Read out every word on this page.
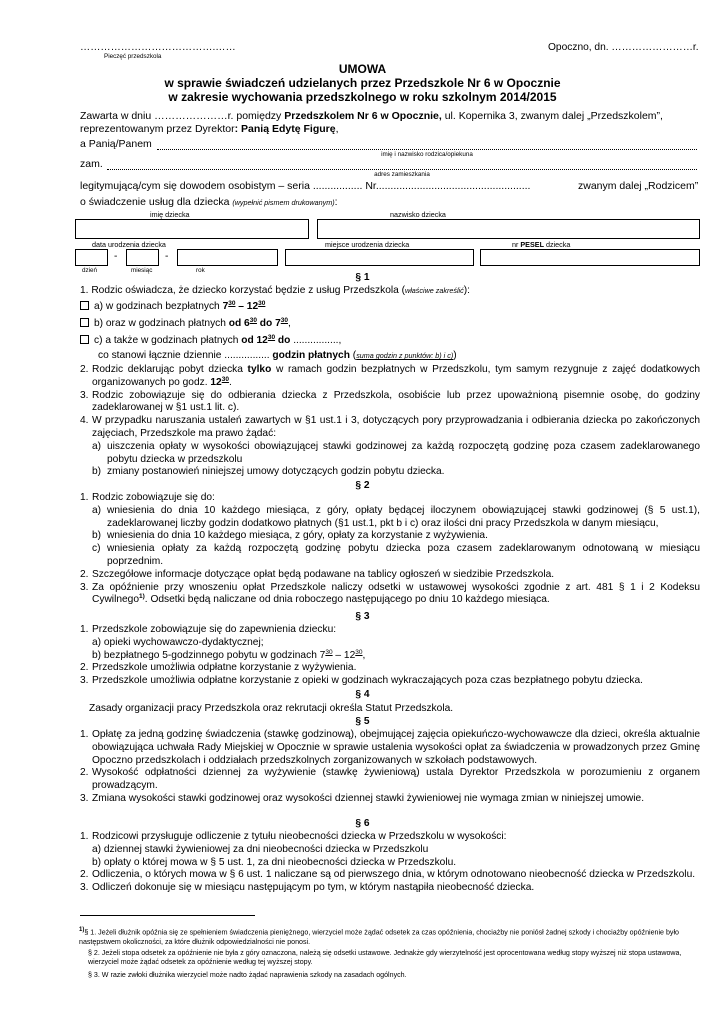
………………………………….……
Pieczęć przedszkola
Opoczno, dn. ……………………r.
UMOWA
w sprawie świadczeń udzielanych przez Przedszkole Nr 6 w Opocznie
w zakresie wychowania przedszkolnego w roku szkolnym 2014/2015
Zawarta w dniu …………………r. pomiędzy Przedszkolem Nr 6 w Opocznie, ul. Kopernika 3, zwanym dalej „Przedszkolem”,
reprezentowanym przez Dyrektor: Panią Edytę Figurę,
a Panią/Panem
imię i nazwisko rodzica/opiekuna
zam.
adres zamieszkania
legitymującą/cym się dowodem osobistym – seria ................. Nr.....................................................	zwanym dalej „Rodzicem”
o świadczenie usług dla dziecka (wypełnić pismem drukowanym):
imię dziecka	nazwisko dziecka
data urodzenia dziecka	miejsce urodzenia dziecka	nr PESEL dziecka
-	-
dzień	miesiąc	rok
§ 1
1. Rodzic oświadcza, że dziecko korzystać będzie z usług Przedszkola (właściwe zakreślić):
a) w godzinach bezpłatnych $7^{30} - 12^{30}$
b) oraz w godzinach płatnych od $6^{30}$ do $7^{30}$,
c) a także w godzinach płatnych od $12^{30}$ do ................,
co stanowi łącznie dziennie ................ godzin płatnych (suma godzin z punktów: b) i c))
2. Rodzic deklarując pobyt dziecka tylko w ramach godzin bezpłatnych w Przedszkolu, tym samym rezygnuje z zajęć dodatkowych organizowanych po godz. $12^{30}$.
3. Rodzic zobowiązuje się do odbierania dziecka z Przedszkola, osobiście lub przez upoważnioną pisemnie osobę, do godziny zadeklarowanej w §1 ust.1 lit. c).
4. W przypadku naruszania ustaleń zawartych w §1 ust.1 i 3, dotyczących pory przyprowadzania i odbierania dziecka po zakończonych zajęciach, Przedszkole ma prawo żądać:
a) uiszczenia opłaty w wysokości obowiązującej stawki godzinowej za każdą rozpoczętą godzinę poza czasem zadeklarowanego pobytu dziecka w przedszkolu
b) zmiany postanowień niniejszej umowy dotyczących godzin pobytu dziecka.
§ 2
1. Rodzic zobowiązuje się do:
a) wniesienia do dnia 10 każdego miesiąca, z góry, opłaty będącej iloczynem obowiązującej stawki godzinowej (§ 5 ust.1), zadeklarowanej liczby godzin dodatkowo płatnych (§1 ust.1, pkt b i c) oraz ilości dni pracy Przedszkola w danym miesiącu,
b) wniesienia do dnia 10 każdego miesiąca, z góry, opłaty za korzystanie z wyżywienia.
c) wniesienia opłaty za każdą rozpoczętą godzinę pobytu dziecka poza czasem zadeklarowanym odnotowaną w miesiącu poprzednim.
2. Szczegółowe informacje dotyczące opłat będą podawane na tablicy ogłoszeń w siedzibie Przedszkola.
3. Za opóźnienie przy wnoszeniu opłat Przedszkole naliczy odsetki w ustawowej wysokości zgodnie z art. 481 § 1 i 2 Kodeksu Cywilnego$^{1)}$. Odsetki będą naliczane od dnia roboczego następującego po dniu 10 każdego miesiąca.
§ 3
1. Przedszkole zobowiązuje się do zapewnienia dziecku:
a) opieki wychowawczo-dydaktycznej;
b) bezpłatnego 5-godzinnego pobytu w godzinach $7^{30} - 12^{30}$,
2. Przedszkole umożliwia odpłatne korzystanie z wyżywienia.
3. Przedszkole umożliwia odpłatne korzystanie z opieki w godzinach wykraczających poza czas bezpłatnego pobytu dziecka.
§ 4
Zasady organizacji pracy Przedszkola oraz rekrutacji określa Statut Przedszkola.
§ 5
1. Opłatę za jedną godzinę świadczenia (stawkę godzinową), obejmującej zajęcia opiekuńczo-wychowawcze dla dzieci, określa aktualnie obowiązująca uchwała Rady Miejskiej w Opocznie w sprawie ustalenia wysokości opłat za świadczenia w prowadzonych przez Gminę Opoczno przedszkolach i oddziałach przedszkolnych zorganizowanych w szkołach podstawowych.
2. Wysokość odpłatności dziennej za wyżywienie (stawkę żywieniową) ustala Dyrektor Przedszkola w porozumieniu z organem prowadzącym.
3. Zmiana wysokości stawki godzinowej oraz wysokości dziennej stawki żywieniowej nie wymaga zmian w niniejszej umowie.
§ 6
1. Rodzicowi przysługuje odliczenie z tytułu nieobecności dziecka w Przedszkolu w wysokości:
a) dziennej stawki żywieniowej za dni nieobecności dziecka w Przedszkolu
b) opłaty o której mowa w § 5 ust. 1, za dni nieobecności dziecka w Przedszkolu.
2. Odliczenia, o których mowa w § 6 ust. 1 naliczane są od pierwszego dnia, w którym odnotowano nieobecność dziecka w Przedszkolu.
3. Odliczeń dokonuje się w miesiącu następującym po tym, w którym nastąpiła nieobecność dziecka.
$^{1)}$§ 1. Jeżeli dłużnik opóźnia się ze spełnieniem świadczenia pieniężnego, wierzyciel może żądać odsetek za czas opóźnienia, chociażby nie poniósł żadnej szkody i chociażby opóźnienie było następstwem okoliczności, za które dłużnik odpowiedzialności nie ponosi.
§ 2. Jeżeli stopa odsetek za opóźnienie nie była z góry oznaczona, należą się odsetki ustawowe. Jednakże gdy wierzytelność jest oprocentowana według stopy wyższej niż stopa ustawowa, wierzyciel może żądać odsetek za opóźnienie według tej wyższej stopy.
§ 3. W razie zwłoki dłużnika wierzyciel może nadto żądać naprawienia szkody na zasadach ogólnych.
